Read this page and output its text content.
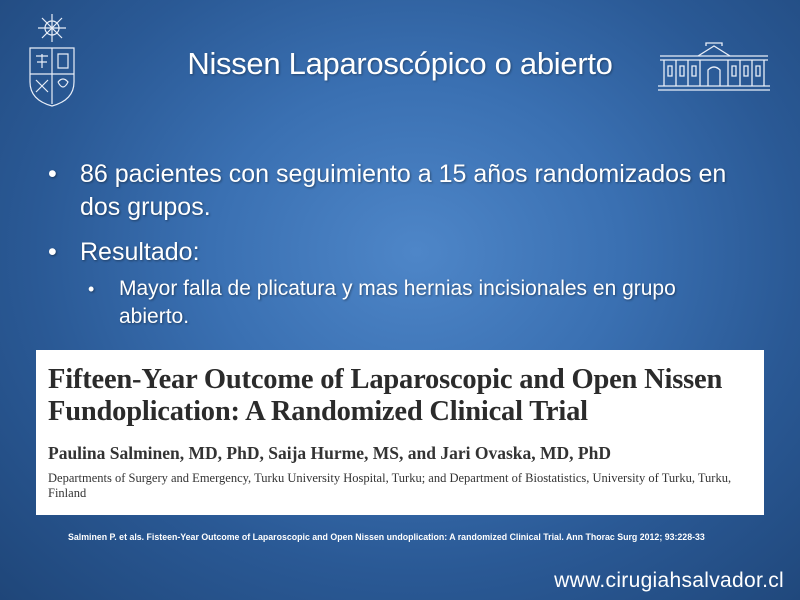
Nissen Laparoscópico o abierto
• 86 pacientes con seguimiento a 15 años randomizados en dos grupos.
• Resultado:
• Mayor falla de plicatura y mas hernias incisionales en grupo abierto.
Fifteen-Year Outcome of Laparoscopic and Open Nissen Fundoplication: A Randomized Clinical Trial
Paulina Salminen, MD, PhD, Saija Hurme, MS, and Jari Ovaska, MD, PhD
Departments of Surgery and Emergency, Turku University Hospital, Turku; and Department of Biostatistics, University of Turku, Turku, Finland
Salminen P. et als. Fisteen-Year Outcome of Laparoscopic and Open Nissen undoplication: A randomized Clinical Trial. Ann Thorac Surg 2012; 93:228-33
www.cirugiahsalvador.cl
